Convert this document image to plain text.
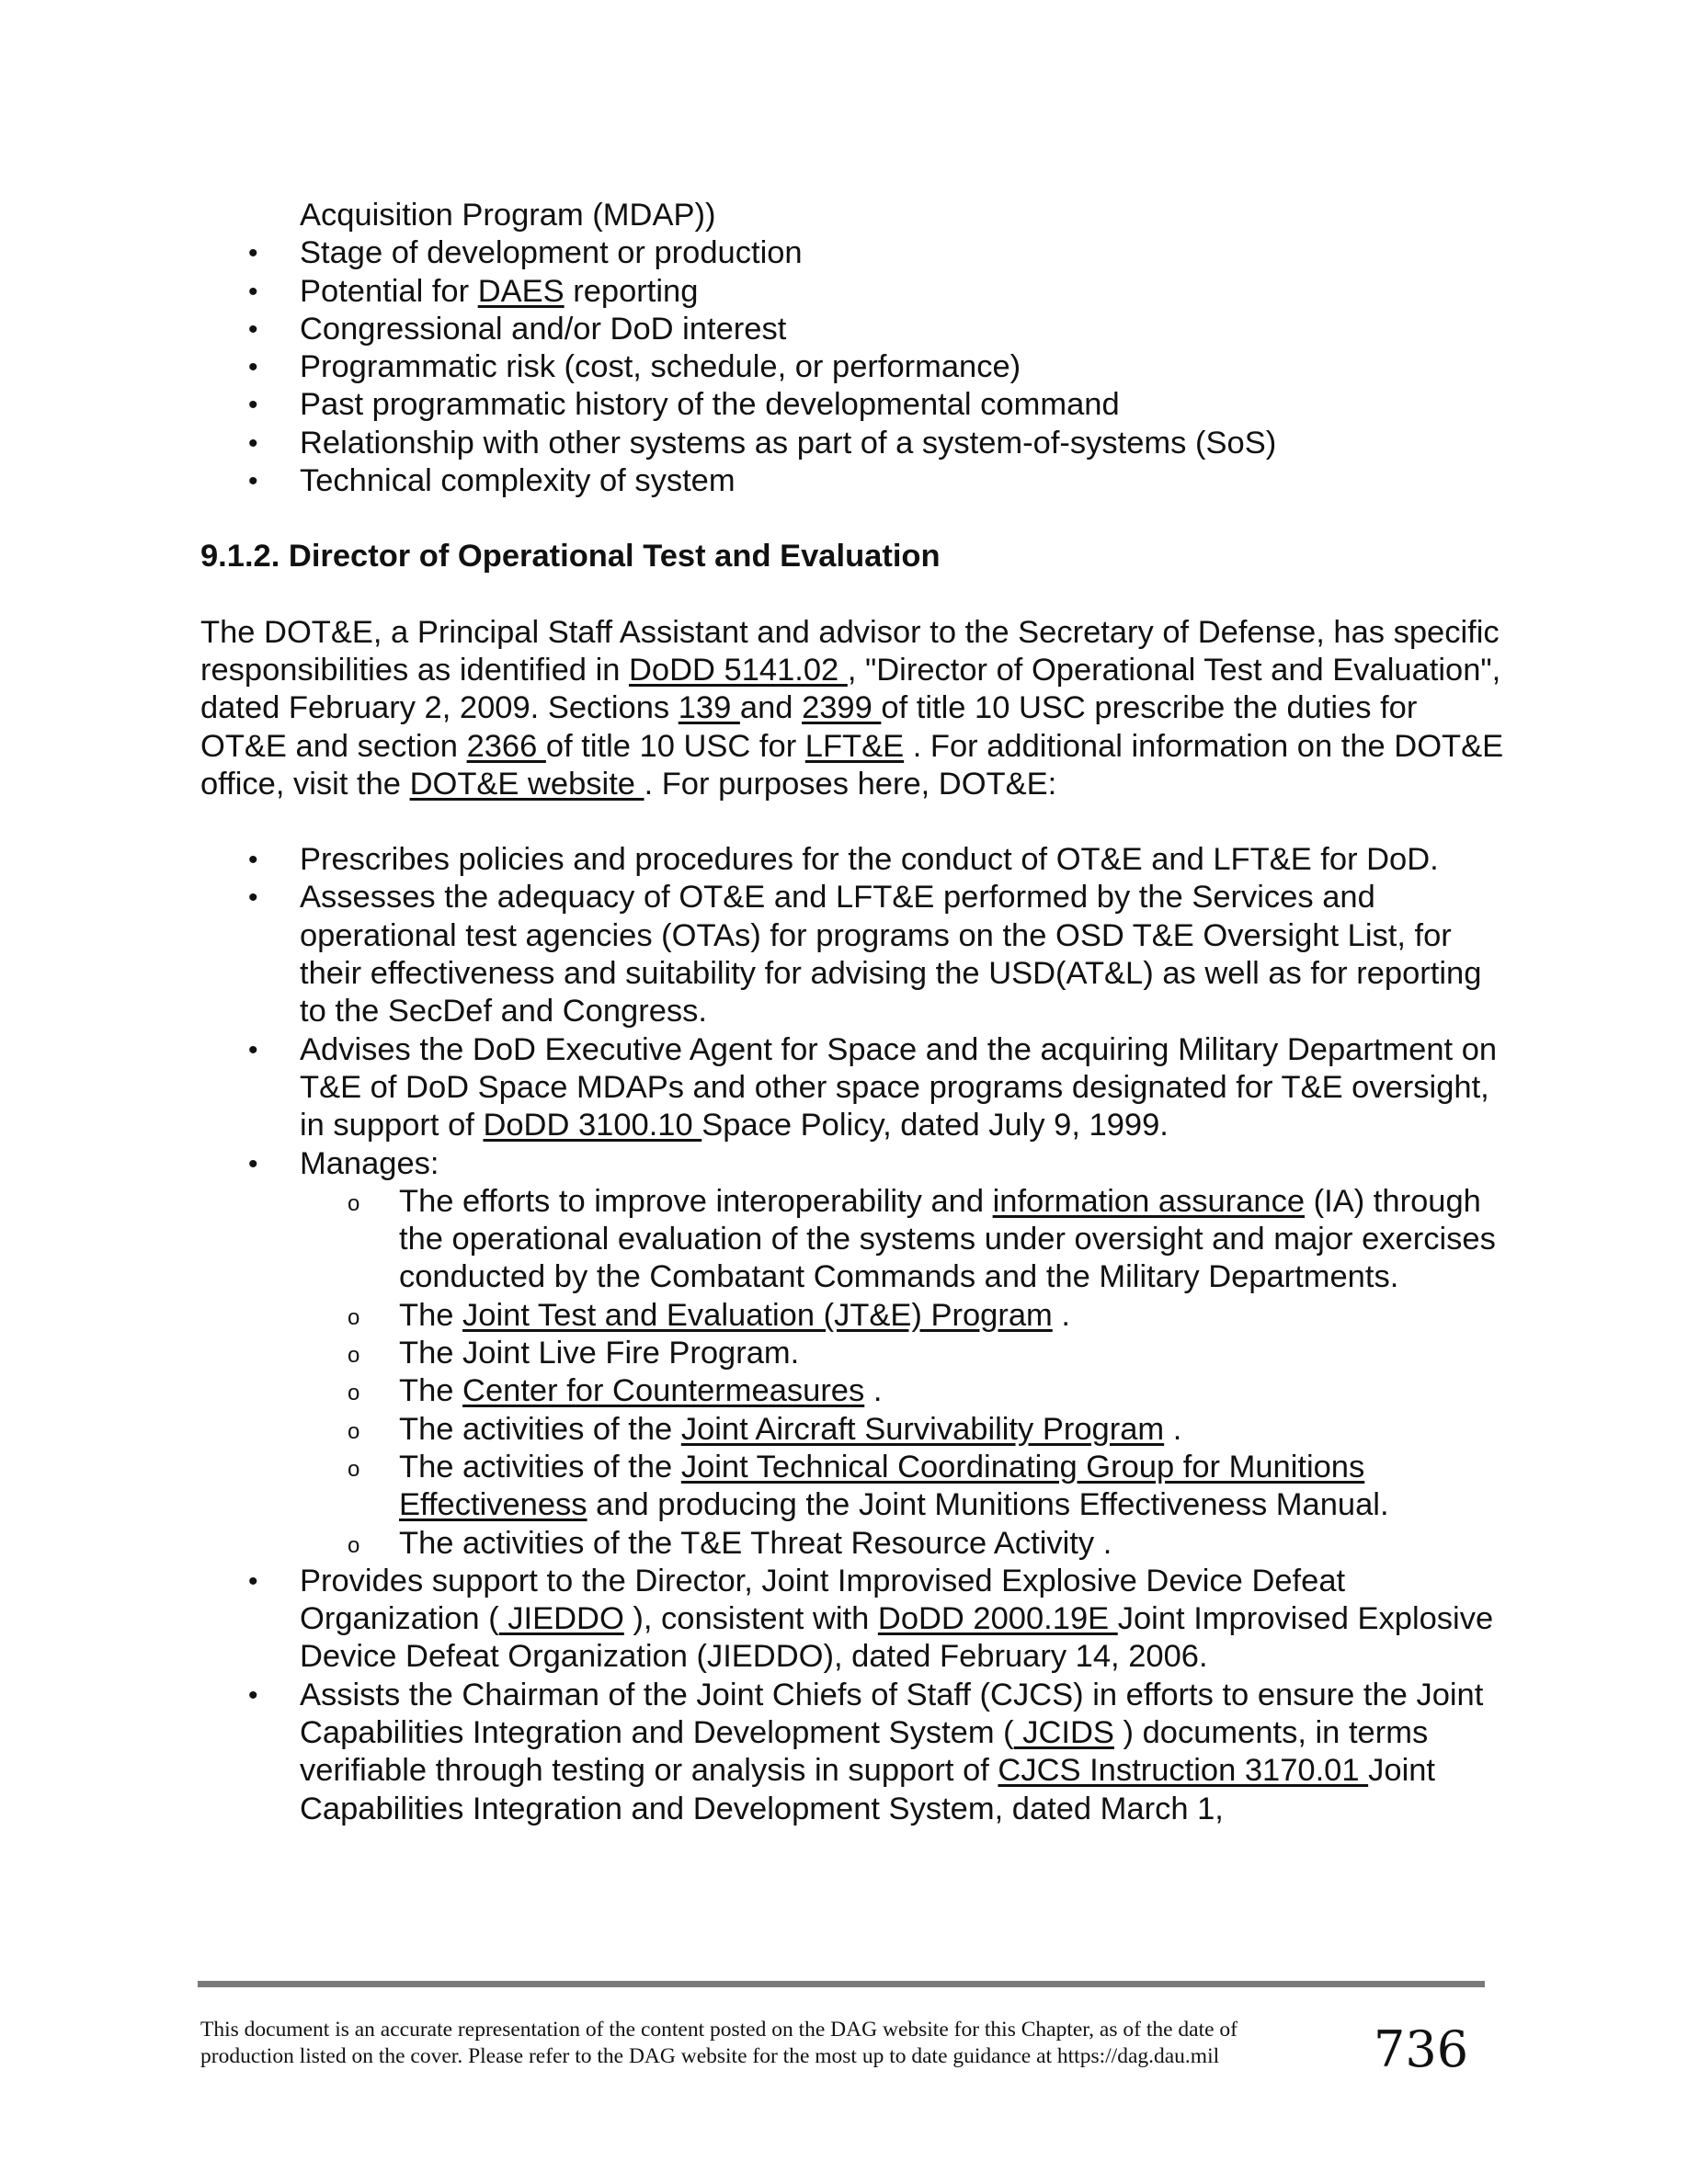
Acquisition Program (MDAP))
• Stage of development or production
• Potential for DAES reporting
• Congressional and/or DoD interest
• Programmatic risk (cost, schedule, or performance)
• Past programmatic history of the developmental command
• Relationship with other systems as part of a system-of-systems (SoS)
• Technical complexity of system
9.1.2. Director of Operational Test and Evaluation

The DOT&E, a Principal Staff Assistant and advisor to the Secretary of Defense, has specific responsibilities as identified in DoDD 5141.02 , "Director of Operational Test and Evaluation", dated February 2, 2009. Sections 139 and 2399 of title 10 USC prescribe the duties for OT&E and section 2366 of title 10 USC for LFT&E . For additional information on the DOT&E office, visit the DOT&E website . For purposes here, DOT&E:

• Prescribes policies and procedures for the conduct of OT&E and LFT&E for DoD.
• Assesses the adequacy of OT&E and LFT&E performed by the Services and operational test agencies (OTAs) for programs on the OSD T&E Oversight List, for their effectiveness and suitability for advising the USD(AT&L) as well as for reporting to the SecDef and Congress.
• Advises the DoD Executive Agent for Space and the acquiring Military Department on T&E of DoD Space MDAPs and other space programs designated for T&E oversight, in support of DoDD 3100.10 Space Policy, dated July 9, 1999.
• Manages:
o The efforts to improve interoperability and information assurance (IA) through the operational evaluation of the systems under oversight and major exercises conducted by the Combatant Commands and the Military Departments.
o The Joint Test and Evaluation (JT&E) Program .
o The Joint Live Fire Program.
o The Center for Countermeasures .
o The activities of the Joint Aircraft Survivability Program .
o The activities of the Joint Technical Coordinating Group for Munitions Effectiveness and producing the Joint Munitions Effectiveness Manual.
o The activities of the T&E Threat Resource Activity .
• Provides support to the Director, Joint Improvised Explosive Device Defeat Organization ( JIEDDO ), consistent with DoDD 2000.19E Joint Improvised Explosive Device Defeat Organization (JIEDDO), dated February 14, 2006.
• Assists the Chairman of the Joint Chiefs of Staff (CJCS) in efforts to ensure the Joint Capabilities Integration and Development System ( JCIDS ) documents, in terms verifiable through testing or analysis in support of CJCS Instruction 3170.01 Joint Capabilities Integration and Development System, dated March 1,
This document is an accurate representation of the content posted on the DAG website for this Chapter, as of the date of
production listed on the cover. Please refer to the DAG website for the most up to date guidance at https://dag.dau.mil	736
